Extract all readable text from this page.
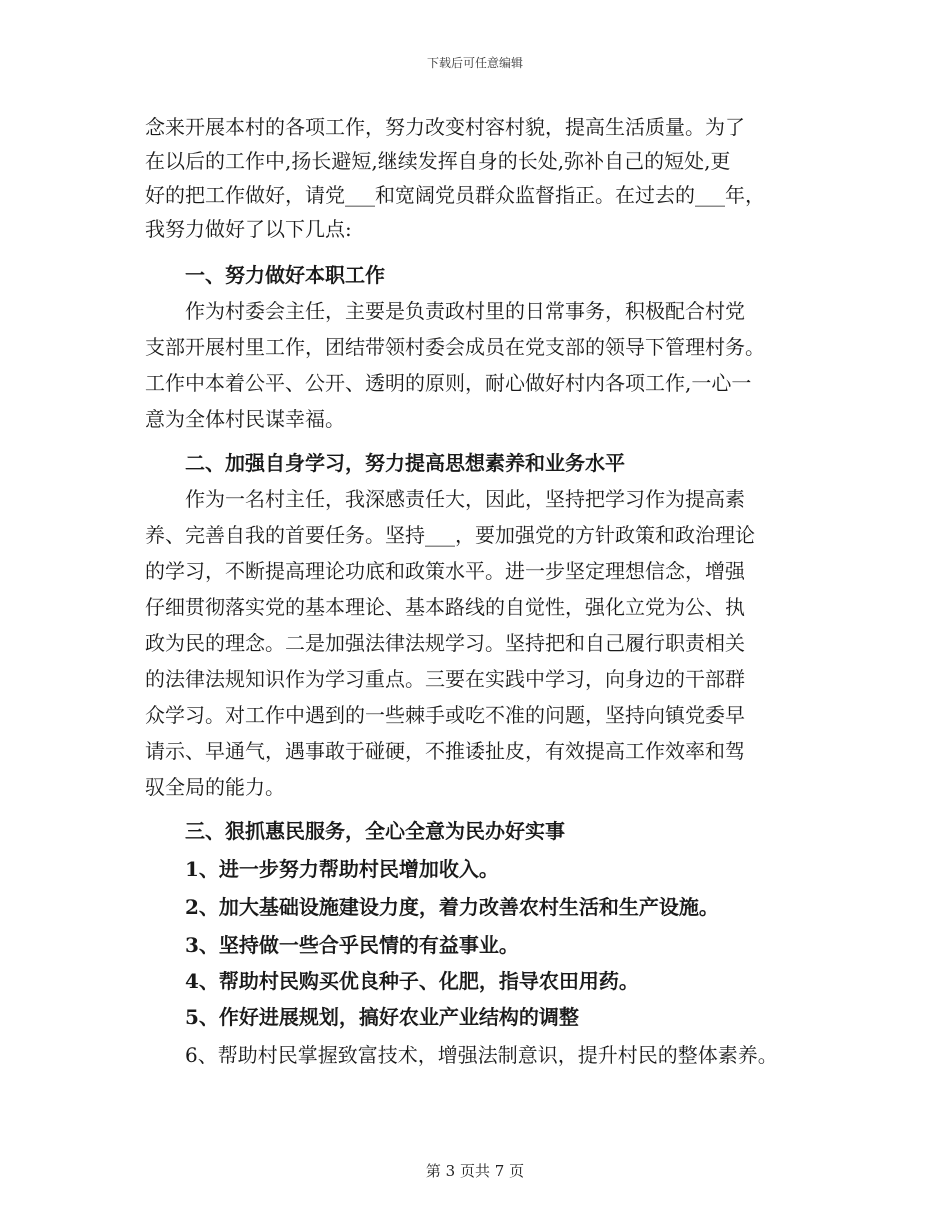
下载后可任意编辑
念来开展本村的各项工作，努力改变村容村貌，提高生活质量。为了
在以后的工作中,扬长避短,继续发挥自身的长处,弥补自己的短处,更
好的把工作做好，请党___和宽阔党员群众监督指正。在过去的___年，
我努力做好了以下几点:
一、努力做好本职工作
作为村委会主任，主要是负责政村里的日常事务，积极配合村党
支部开展村里工作，团结带领村委会成员在党支部的领导下管理村务。
工作中本着公平、公开、透明的原则，耐心做好村内各项工作,一心一
意为全体村民谋幸福。
二、加强自身学习，努力提高思想素养和业务水平
作为一名村主任，我深感责任大，因此，坚持把学习作为提高素
养、完善自我的首要任务。坚持___，要加强党的方针政策和政治理论
的学习，不断提高理论功底和政策水平。进一步坚定理想信念，增强
仔细贯彻落实党的基本理论、基本路线的自觉性，强化立党为公、执
政为民的理念。二是加强法律法规学习。坚持把和自己履行职责相关
的法律法规知识作为学习重点。三要在实践中学习，向身边的干部群
众学习。对工作中遇到的一些棘手或吃不准的问题，坚持向镇党委早
请示、早通气，遇事敢于碰硬，不推诿扯皮，有效提高工作效率和驾
驭全局的能力。
三、狠抓惠民服务，全心全意为民办好实事
1、进一步努力帮助村民增加收入。
2、加大基础设施建设力度，着力改善农村生活和生产设施。
3、坚持做一些合乎民情的有益事业。
4、帮助村民购买优良种子、化肥，指导农田用药。
5、作好进展规划，搞好农业产业结构的调整
6、帮助村民掌握致富技术，增强法制意识，提升村民的整体素养。
第 3 页共 7 页
